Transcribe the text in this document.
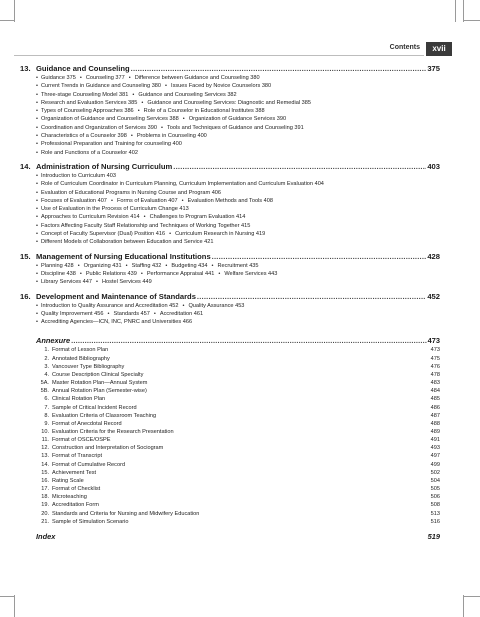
Contents	xvii
13. Guidance and Counseling .....	375
• Guidance 375 • Counseling 377 • Difference between Guidance and Counseling 380
• Current Trends in Guidance and Counseling 380 • Issues Faced by Novice Counselors 380
• Three-stage Counseling Model 381 • Guidance and Counseling Services 382
• Research and Evaluation Services 385 • Guidance and Counseling Services: Diagnostic and Remedial 385
• Types of Counseling Approaches 386 • Role of a Counselor in Educational Institutes 388
• Organization of Guidance and Counseling Services 388 • Organization of Guidance Services 390
• Coordination and Organization of Services 390 • Tools and Techniques of Guidance and Counseling 391
• Characteristics of a Counselor 398 • Problems in Counseling 400
• Professional Preparation and Training for counseling 400
• Role and Functions of a Counselor 402
14. Administration of Nursing Curriculum .....	403
• Introduction to Curriculum 403
• Role of Curriculum Coordinator in Curriculum Planning, Curriculum Implementation and Curriculum Evaluation 404
• Evaluation of Educational Programs in Nursing Course and Program 406
• Focuses of Evaluation 407 • Forms of Evaluation 407 • Evaluation Methods and Tools 408
• Use of Evaluation in the Process of Curriculum Change 413
• Approaches to Curriculum Revision 414 • Challenges to Program Evaluation 414
• Factors Affecting Faculty Staff Relationship and Techniques of Working Together 415
• Concept of Faculty Supervisor (Dual) Position 416 • Curriculum Research in Nursing 419
• Different Models of Collaboration between Education and Service 421
15. Management of Nursing Educational Institutions .....	428
• Planning 428 • Organizing 431 • Staffing 432 • Budgeting 434 • Recruitment 435
• Discipline 438 • Public Relations 439 • Performance Appraisal 441 • Welfare Services 443
• Library Services 447 • Hostel Services 449
16. Development and Maintenance of Standards .....	452
• Introduction to Quality Assurance and Accreditation 452 • Quality Assurance 453
• Quality Improvement 456 • Standards 457 • Accreditation 461
• Accrediting Agencies—ICN, INC, PNRC and Universities 466
Annexure .....	473
1. Format of Lesson Plan	473
2. Annotated Bibliography	475
3. Vancouver Type Bibliography	476
4. Course Description Clinical Specialty	478
5A. Master Rotation Plan—Annual System	483
5B. Annual Rotation Plan (Semester-wise)	484
6. Clinical Rotation Plan	485
7. Sample of Critical Incident Record	486
8. Evaluation Criteria of Classroom Teaching	487
9. Format of Anecdotal Record	488
10. Evaluation Criteria for the Research Presentation	489
11. Format of OSCE/OSPE	491
12. Construction and Interpretation of Sociogram	493
13. Format of Transcript	497
14. Format of Cumulative Record	499
15. Achievement Test	502
16. Rating Scale	504
17. Format of Checklist	505
18. Microteaching	506
19. Accreditation Form	508
20. Standards and Criteria for Nursing and Midwifery Education	513
21. Sample of Simulation Scenario	516
Index	519
